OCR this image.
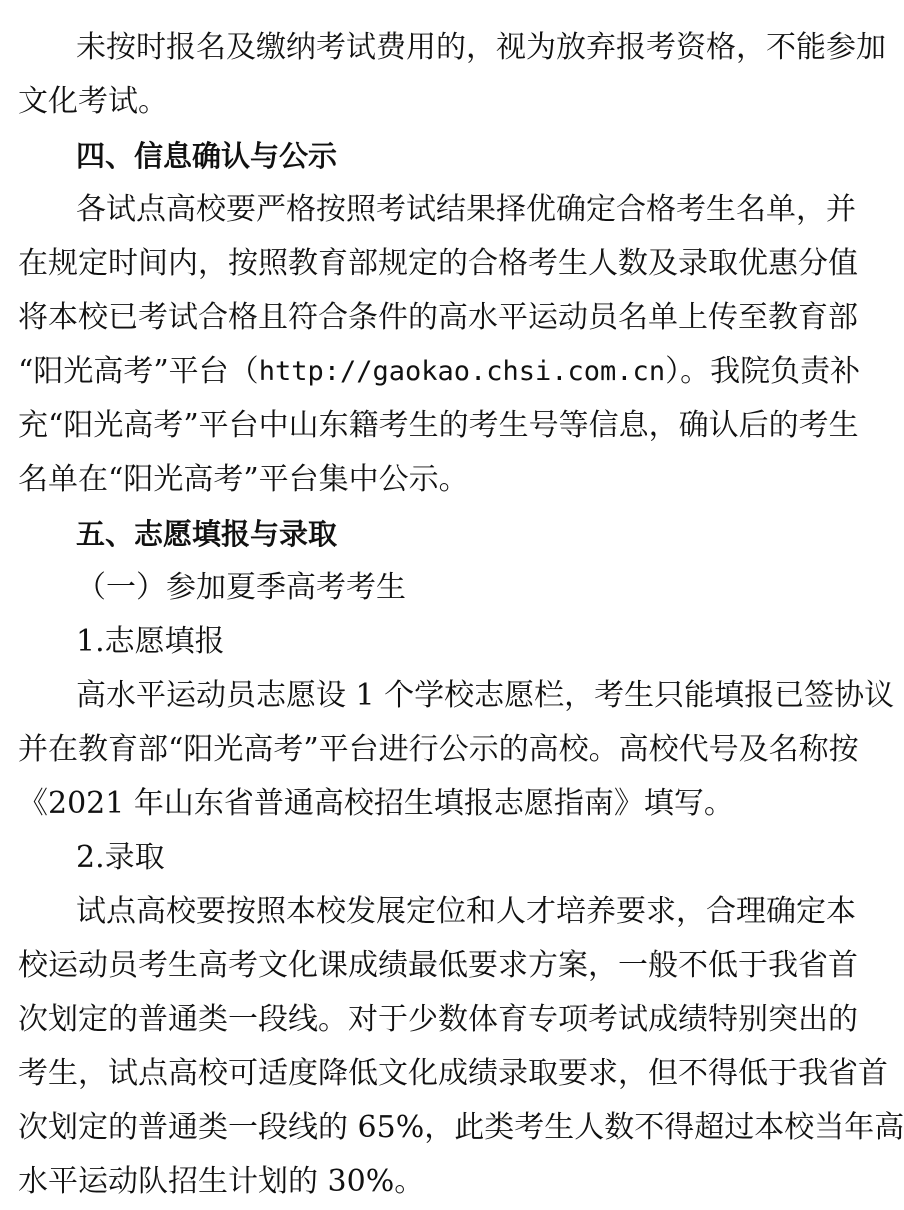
未按时报名及缴纳考试费用的，视为放弃报考资格，不能参加
文化考试。
四、信息确认与公示
各试点高校要严格按照考试结果择优确定合格考生名单，并
在规定时间内，按照教育部规定的合格考生人数及录取优惠分值
将本校已考试合格且符合条件的高水平运动员名单上传至教育部
“阳光高考”平台（ http://gaokao.chsi.com.cn ）。我院负责补
充“阳光高考”平台中山东籍考生的考生号等信息，确认后的考生
名单在“阳光高考”平台集中公示。
五、志愿填报与录取
（一）参加夏季高考考生
1.志愿填报
高水平运动员志愿设 1 个学校志愿栏，考生只能填报已签协议
并在教育部“阳光高考”平台进行公示的高校。高校代号及名称按
《2021 年山东省普通高校招生填报志愿指南》填写。
2.录取
试点高校要按照本校发展定位和人才培养要求，合理确定本
校运动员考生高考文化课成绩最低要求方案，一般不低于我省首
次划定的普通类一段线。对于少数体育专项考试成绩特别突出的
考生，试点高校可适度降低文化成绩录取要求，但不得低于我省首
次划定的普通类一段线的 65%，此类考生人数不得超过本校当年高
水平运动队招生计划的 30%。
